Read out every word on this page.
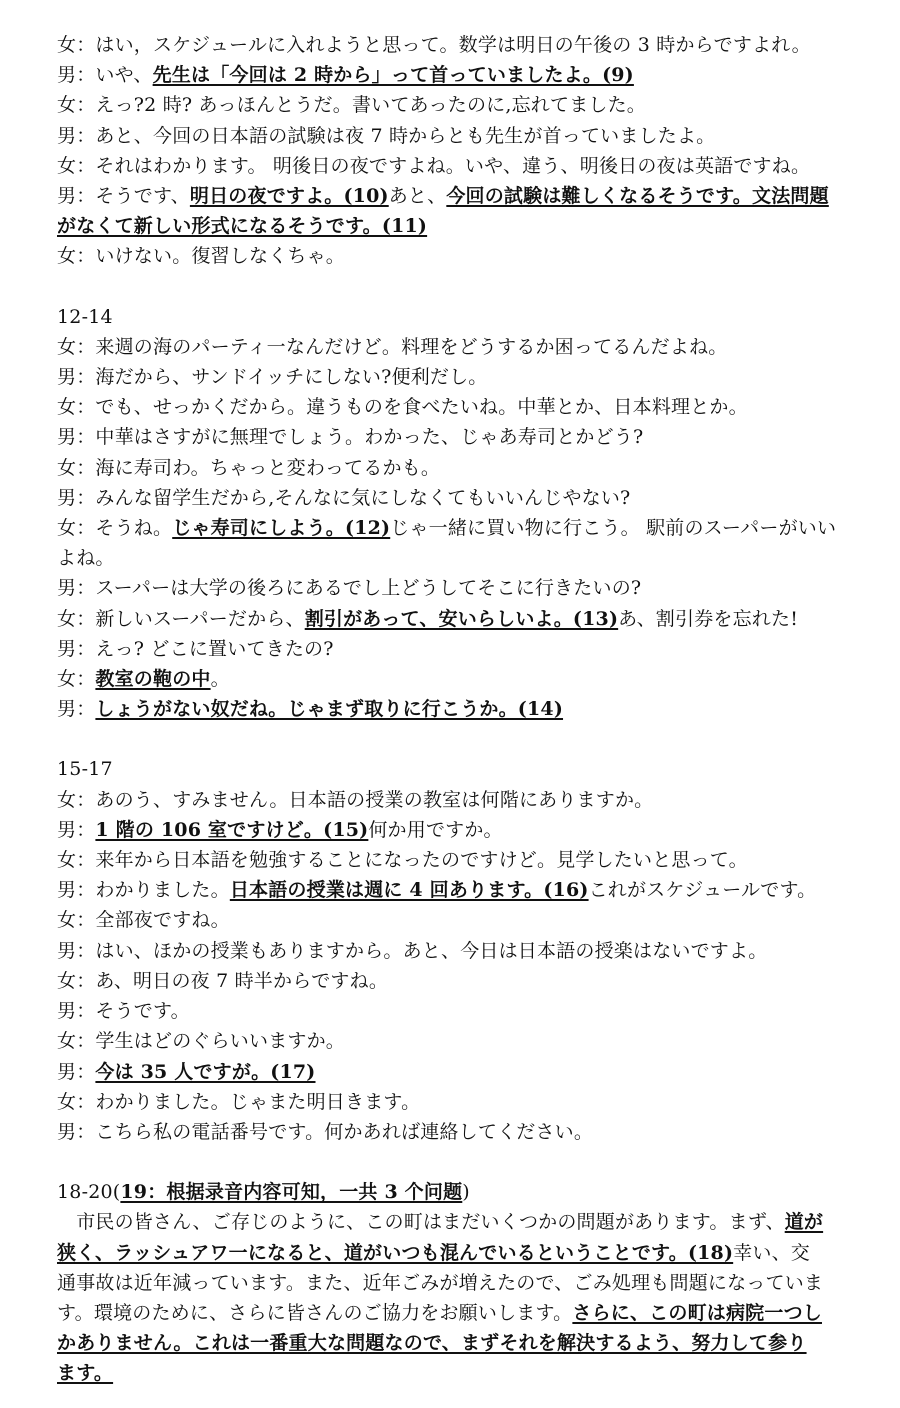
女：はい，スケジュールに入れようと思って。数学は明日の午後の 3 時からですよれ。
男：いや、先生は「今回は 2 時から」って首っていましたよ。(9)
女：えっ?2 時? あっほんとうだ。書いてあったのに,忘れてました。
男：あと、今回の日本語の試験は夜 7 時からとも先生が首っていましたよ。
女：それはわかります。 明後日の夜ですよね。いや、違う、明後日の夜は英語ですね。
男：そうです、明日の夜ですよ。(10)あと、今回の試験は難しくなるそうです。文法問題
がなくて新しい形式になるそうです。(11)
女：いけない。復習しなくちゃ。
12-14
女：来週の海のパーティ一なんだけど。料理をどうするか困ってるんだよね。
男：海だから、サンドイッチにしない?便利だし。
女：でも、せっかくだから。違うものを食べたいね。中華とか、日本料理とか。
男：中華はさすがに無理でしょう。わかった、じゃあ寿司とかどう?
女：海に寿司わ。ちゃっと変わってるかも。
男：みんな留学生だから,そんなに気にしなくてもいいんじやない?
女：そうね。じゃ寿司にしよう。(12)じゃ一緒に買い物に行こう。 駅前のスーパーがいい
よね。
男：スーパーは大学の後ろにあるでし上どうしてそこに行きたいの?
女：新しいスーパーだから、割引があって、安いらしいよ。(13)あ、割引券を忘れた!
男：えっ? どこに置いてきたの?
女：教室の鞄の中。
男：しょうがない奴だね。じゃまず取りに行こうか。(14)
15-17
女：あのう、すみません。日本語の授業の教室は何階にありますか。
男：1 階の 106 室ですけど。(15)何か用ですか。
女：来年から日本語を勉強することになったのですけど。見学したいと思って。
男：わかりました。日本語の授業は週に 4 回あります。(16)これがスケジュールです。
女：全部夜ですね。
男：はい、ほかの授業もありますから。あと、今日は日本語の授楽はないですよ。
女：あ、明日の夜 7 時半からですね。
男：そうです。
女：学生はどのぐらいいますか。
男：今は 35 人ですが。(17)
女：わかりました。じゃまた明日きます。
男：こちら私の電話番号です。何かあれば連絡してください。
18-20(19：根据录音内容可知，一共 3 个问题)
　市民の皆さん、ご存じのように、この町はまだいくつかの問題があります。まず、道が
狭く、ラッシュアワ一になると、道がいつも混んでいるということです。(18)幸い、交
通事故は近年減っています。また、近年ごみが増えたので、ごみ処理も問題になっていま
す。環境のために、さらに皆さんのご協力をお願いします。さらに、この町は病院一つし
かありません。これは一番重大な問題なので、まずそれを解決するよう、努力して参り
ます。
